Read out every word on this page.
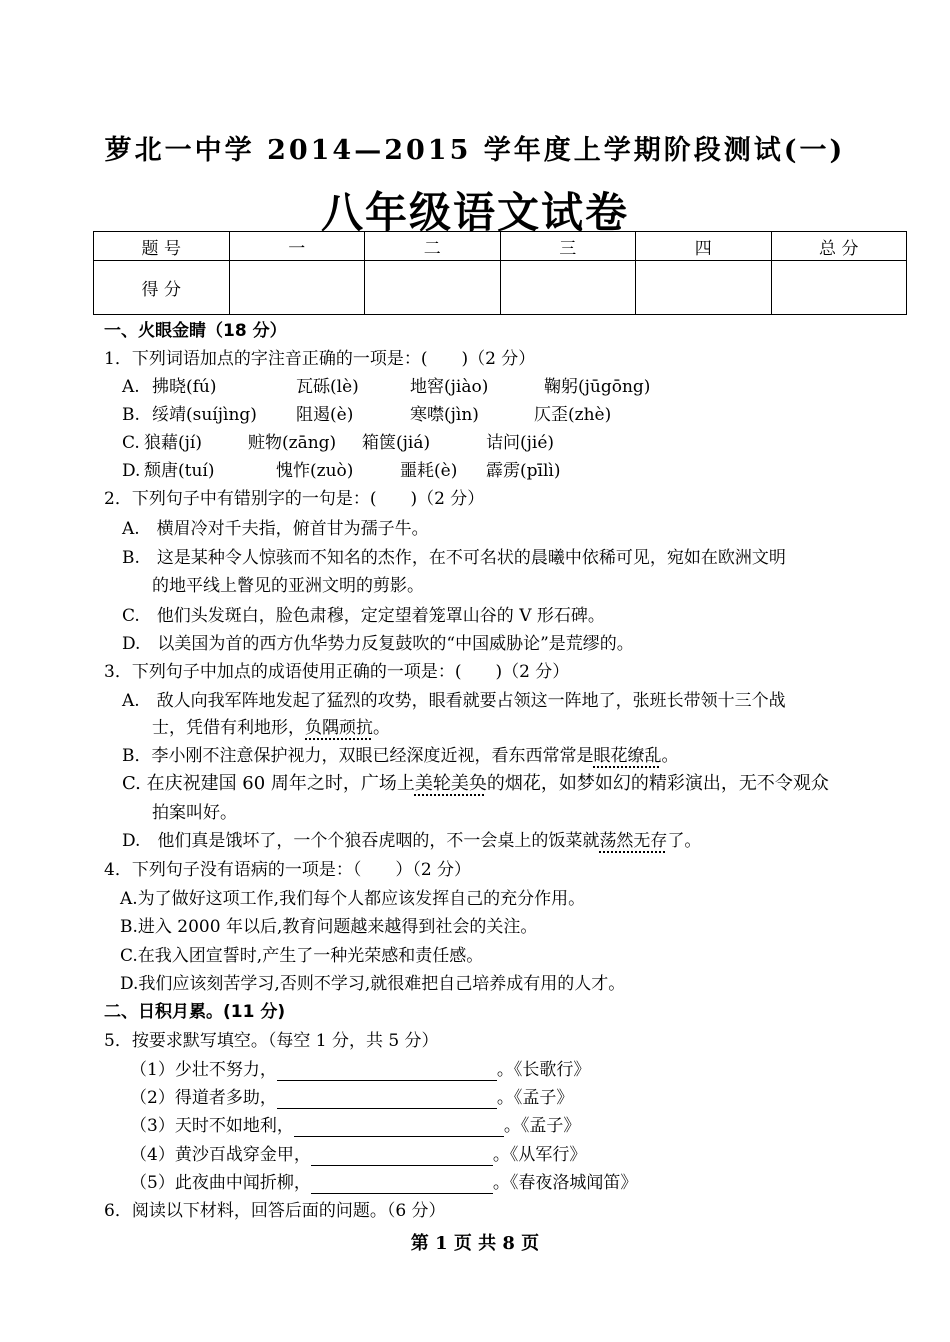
萝北一中学 2014—2015 学年度上学期阶段测试(一)
八年级语文试卷
题 号	一	二	三	四	总 分
得 分					
一、火眼金睛（18 分）
1．下列词语加点的字注音正确的一项是：(　　)（2 分）
A. 拂晓(fú)	瓦砾(lè)	地窖(jiào)	鞠躬(jūgōng)
B. 绥靖(suíjìng) 阻遏(è)	寒噤(jìn)	仄歪(zhè)
C. 狼藉(jí)	赃物(zāng) 箱箧(jiá)	诘问(jié)
D. 颓唐(tuí)	愧怍(zuò)	噩耗(è) 霹雳(pīlì)
2．下列句子中有错别字的一句是：(　　)（2 分）
A.　横眉冷对千夫指，俯首甘为孺子牛。
B.　这是某种令人惊骇而不知名的杰作，在不可名状的晨曦中依稀可见，宛如在欧洲文明
的地平线上瞥见的亚洲文明的剪影。
C.　他们头发斑白，脸色肃穆，定定望着笼罩山谷的 V 形石碑。
D.　以美国为首的西方仇华势力反复鼓吹的“中国威胁论”是荒缪的。
3．下列句子中加点的成语使用正确的一项是：(　　)（2 分）
A.　敌人向我军阵地发起了猛烈的攻势，眼看就要占领这一阵地了，张班长带领十三个战
士，凭借有利地形，负隅顽抗。
B．李小刚不注意保护视力，双眼已经深度近视，看东西常常是眼花缭乱。
C. 在庆祝建国 60 周年之时，广场上美轮美奂的烟花，如梦如幻的精彩演出，无不令观众
拍案叫好。
D.　他们真是饿坏了，一个个狼吞虎咽的，不一会桌上的饭菜就荡然无存了。
4．下列句子没有语病的一项是：（　　）（2 分）
A.为了做好这项工作,我们每个人都应该发挥自己的充分作用。
B.进入 2000 年以后,教育问题越来越得到社会的关注。
C.在我入团宣誓时,产生了一种光荣感和责任感。
D.我们应该刻苦学习,否则不学习,就很难把自己培养成有用的人才。
二、日积月累。(11 分)
5．按要求默写填空。（每空 1 分，共 5 分）
（1）少壮不努力，	。《长歌行》
（2）得道者多助，	。《孟子》
（3）天时不如地利，	。《孟子》
（4）黄沙百战穿金甲，	。《从军行》
（5）此夜曲中闻折柳，	。《春夜洛城闻笛》
6．阅读以下材料，回答后面的问题。（6 分）
第 1 页 共 8 页
